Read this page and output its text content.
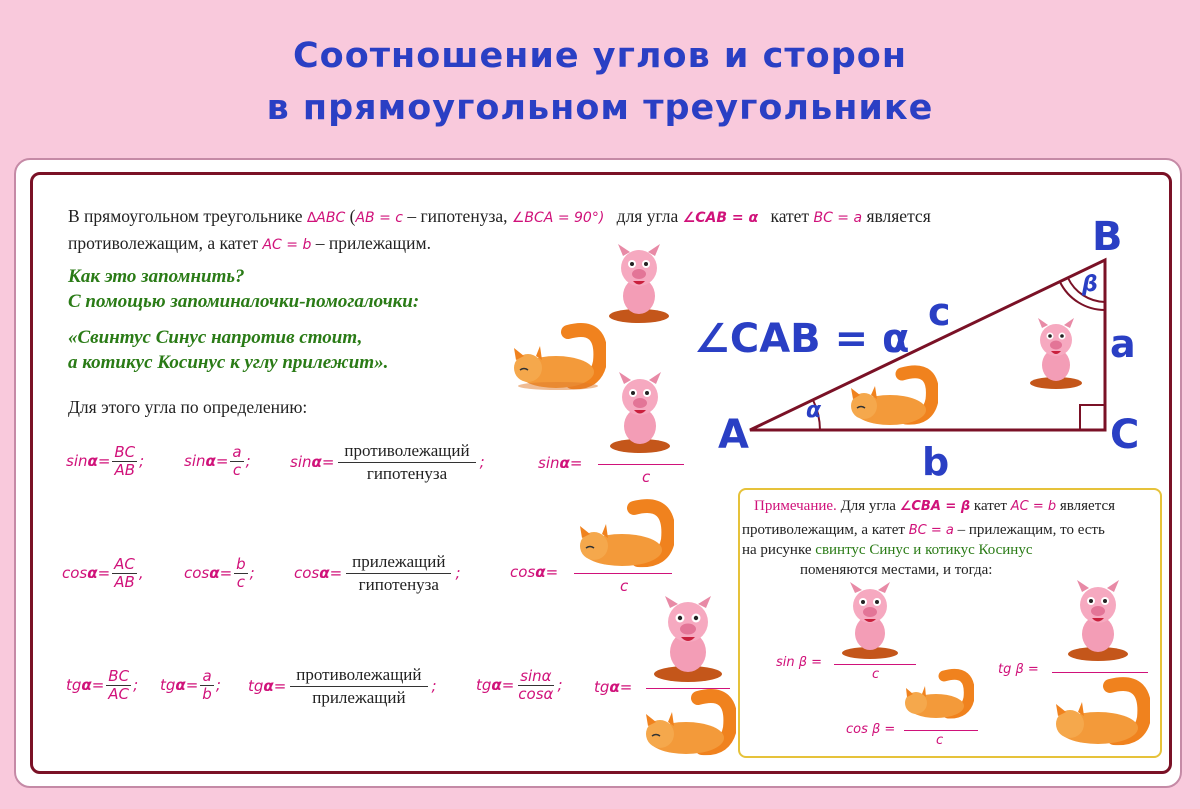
Соотношение углов и сторон
в прямоугольном треугольнике
В прямоугольном треугольнике ∆ABC (AB = c – гипотенуза, ∠BCA = 90°) для угла ∠CAB = α катет BC = a является
противолежащим, а катет AC = b – прилежащим.
Как это запомнить?
С помощью запоминалочки-помогалочки:
«Свинтус Синус напротив стоит,
а котикус Косинус к углу прилежит».
Для этого угла по определению:
$\sin\alpha= \frac{BC}{AB}$ ;	$\sin\alpha= \frac{a}{c}$ ;	sinα=
противолежащий
гипотенуза
;	sinα=
c
$\cos\alpha= \frac{AC}{AB}$ ,	$\cos\alpha= \frac{b}{c}$ ;	cosα=
прилежащий
гипотенуза
;	cosα=
c
$tg\alpha= \frac{BC}{AC}$ ; $tg\alpha= \frac{a}{b}$ ; tgα=
противолежащий
прилежащий
;	$tg\alpha= \frac{\sin\alpha}{\cos\alpha}$ ; tgα=
A
B
C
c
a
b
α
β
∠CAB = α
Примечание. Для угла ∠CBA = β катет AC = b является
противолежащим, а катет BC = a – прилежащим, то есть
на рисунке свинтус Синус и котикус Косинус
поменяются местами, и тогда:
sin β =
c
cos β =
c
tg β =
